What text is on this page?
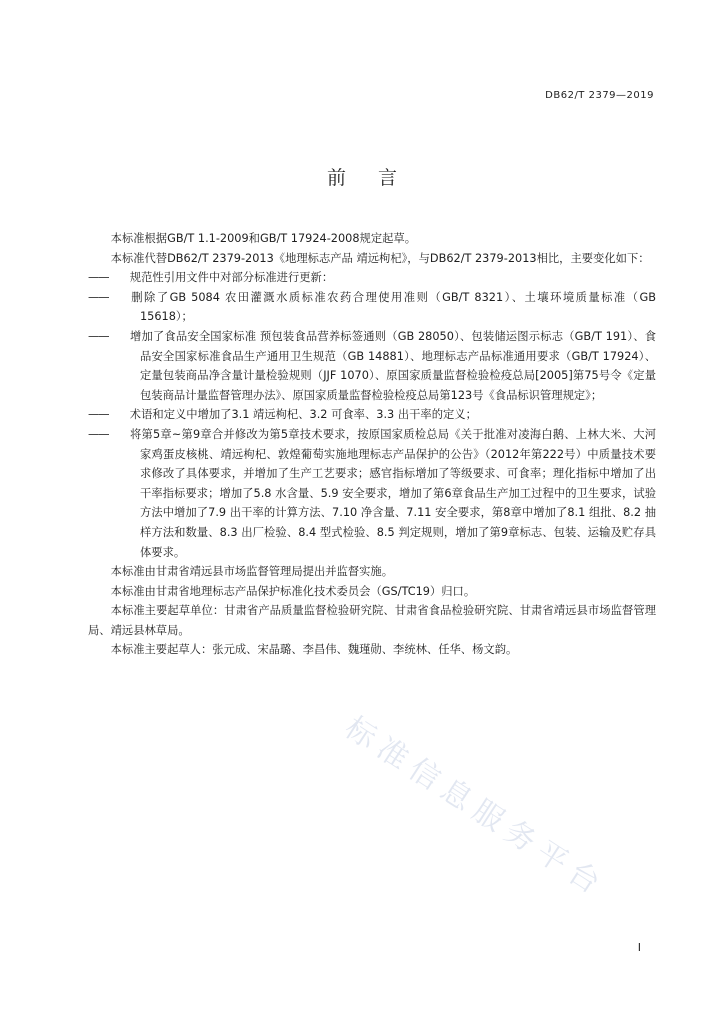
DB62/T 2379—2019
前言

本标准根据GB/T 1.1-2009和GB/T 17924-2008规定起草。

本标准代替DB62/T 2379-2013《地理标志产品 靖远枸杞》，与DB62/T 2379-2013相比，主要变化如下：

—— 规范性引用文件中对部分标准进行更新：

—— 删除了GB 5084 农田灌溉水质标准农药合理使用准则（GB/T 8321）、土壤环境质量标准（GB 15618）；

—— 增加了食品安全国家标准 预包装食品营养标签通则（GB 28050）、包装储运图示标志（GB/T 191）、食品安全国家标准食品生产通用卫生规范（GB 14881）、地理标志产品标准通用要求（GB/T 17924）、定量包装商品净含量计量检验规则（JJF 1070）、原国家质量监督检验检疫总局[2005]第75号令《定量包装商品计量监督管理办法》、原国家质量监督检验检疫总局第123号《食品标识管理规定》；

—— 术语和定义中增加了3.1 靖远枸杞、3.2 可食率、3.3 出干率的定义；

—— 将第5章~第9章合并修改为第5章技术要求，按原国家质检总局《关于批准对凌海白鹅、上林大米、大河家鸡蛋皮核桃、靖远枸杞、敦煌葡萄实施地理标志产品保护的公告》（2012年第222号）中质量技术要求修改了具体要求，并增加了生产工艺要求；感官指标增加了等级要求、可食率；理化指标中增加了出干率指标要求；增加了5.8 水含量、5.9 安全要求，增加了第6章食品生产加工过程中的卫生要求，试验方法中增加了7.9 出干率的计算方法、7.10 净含量、7.11 安全要求，第8章中增加了8.1 组批、8.2 抽样方法和数量、8.3 出厂检验、8.4 型式检验、8.5 判定规则，增加了第9章标志、包装、运输及贮存具体要求。

本标准由甘肃省靖远县市场监督管理局提出并监督实施。

本标准由甘肃省地理标志产品保护标准化技术委员会（GS/TC19）归口。

本标准主要起草单位：甘肃省产品质量监督检验研究院、甘肃省食品检验研究院、甘肃省靖远县市场监督管理局、靖远县林草局。

本标准主要起草人：张元成、宋晶璐、李昌伟、魏瑾勋、李统林、任华、杨文韵。

标准信息服务平台
I
